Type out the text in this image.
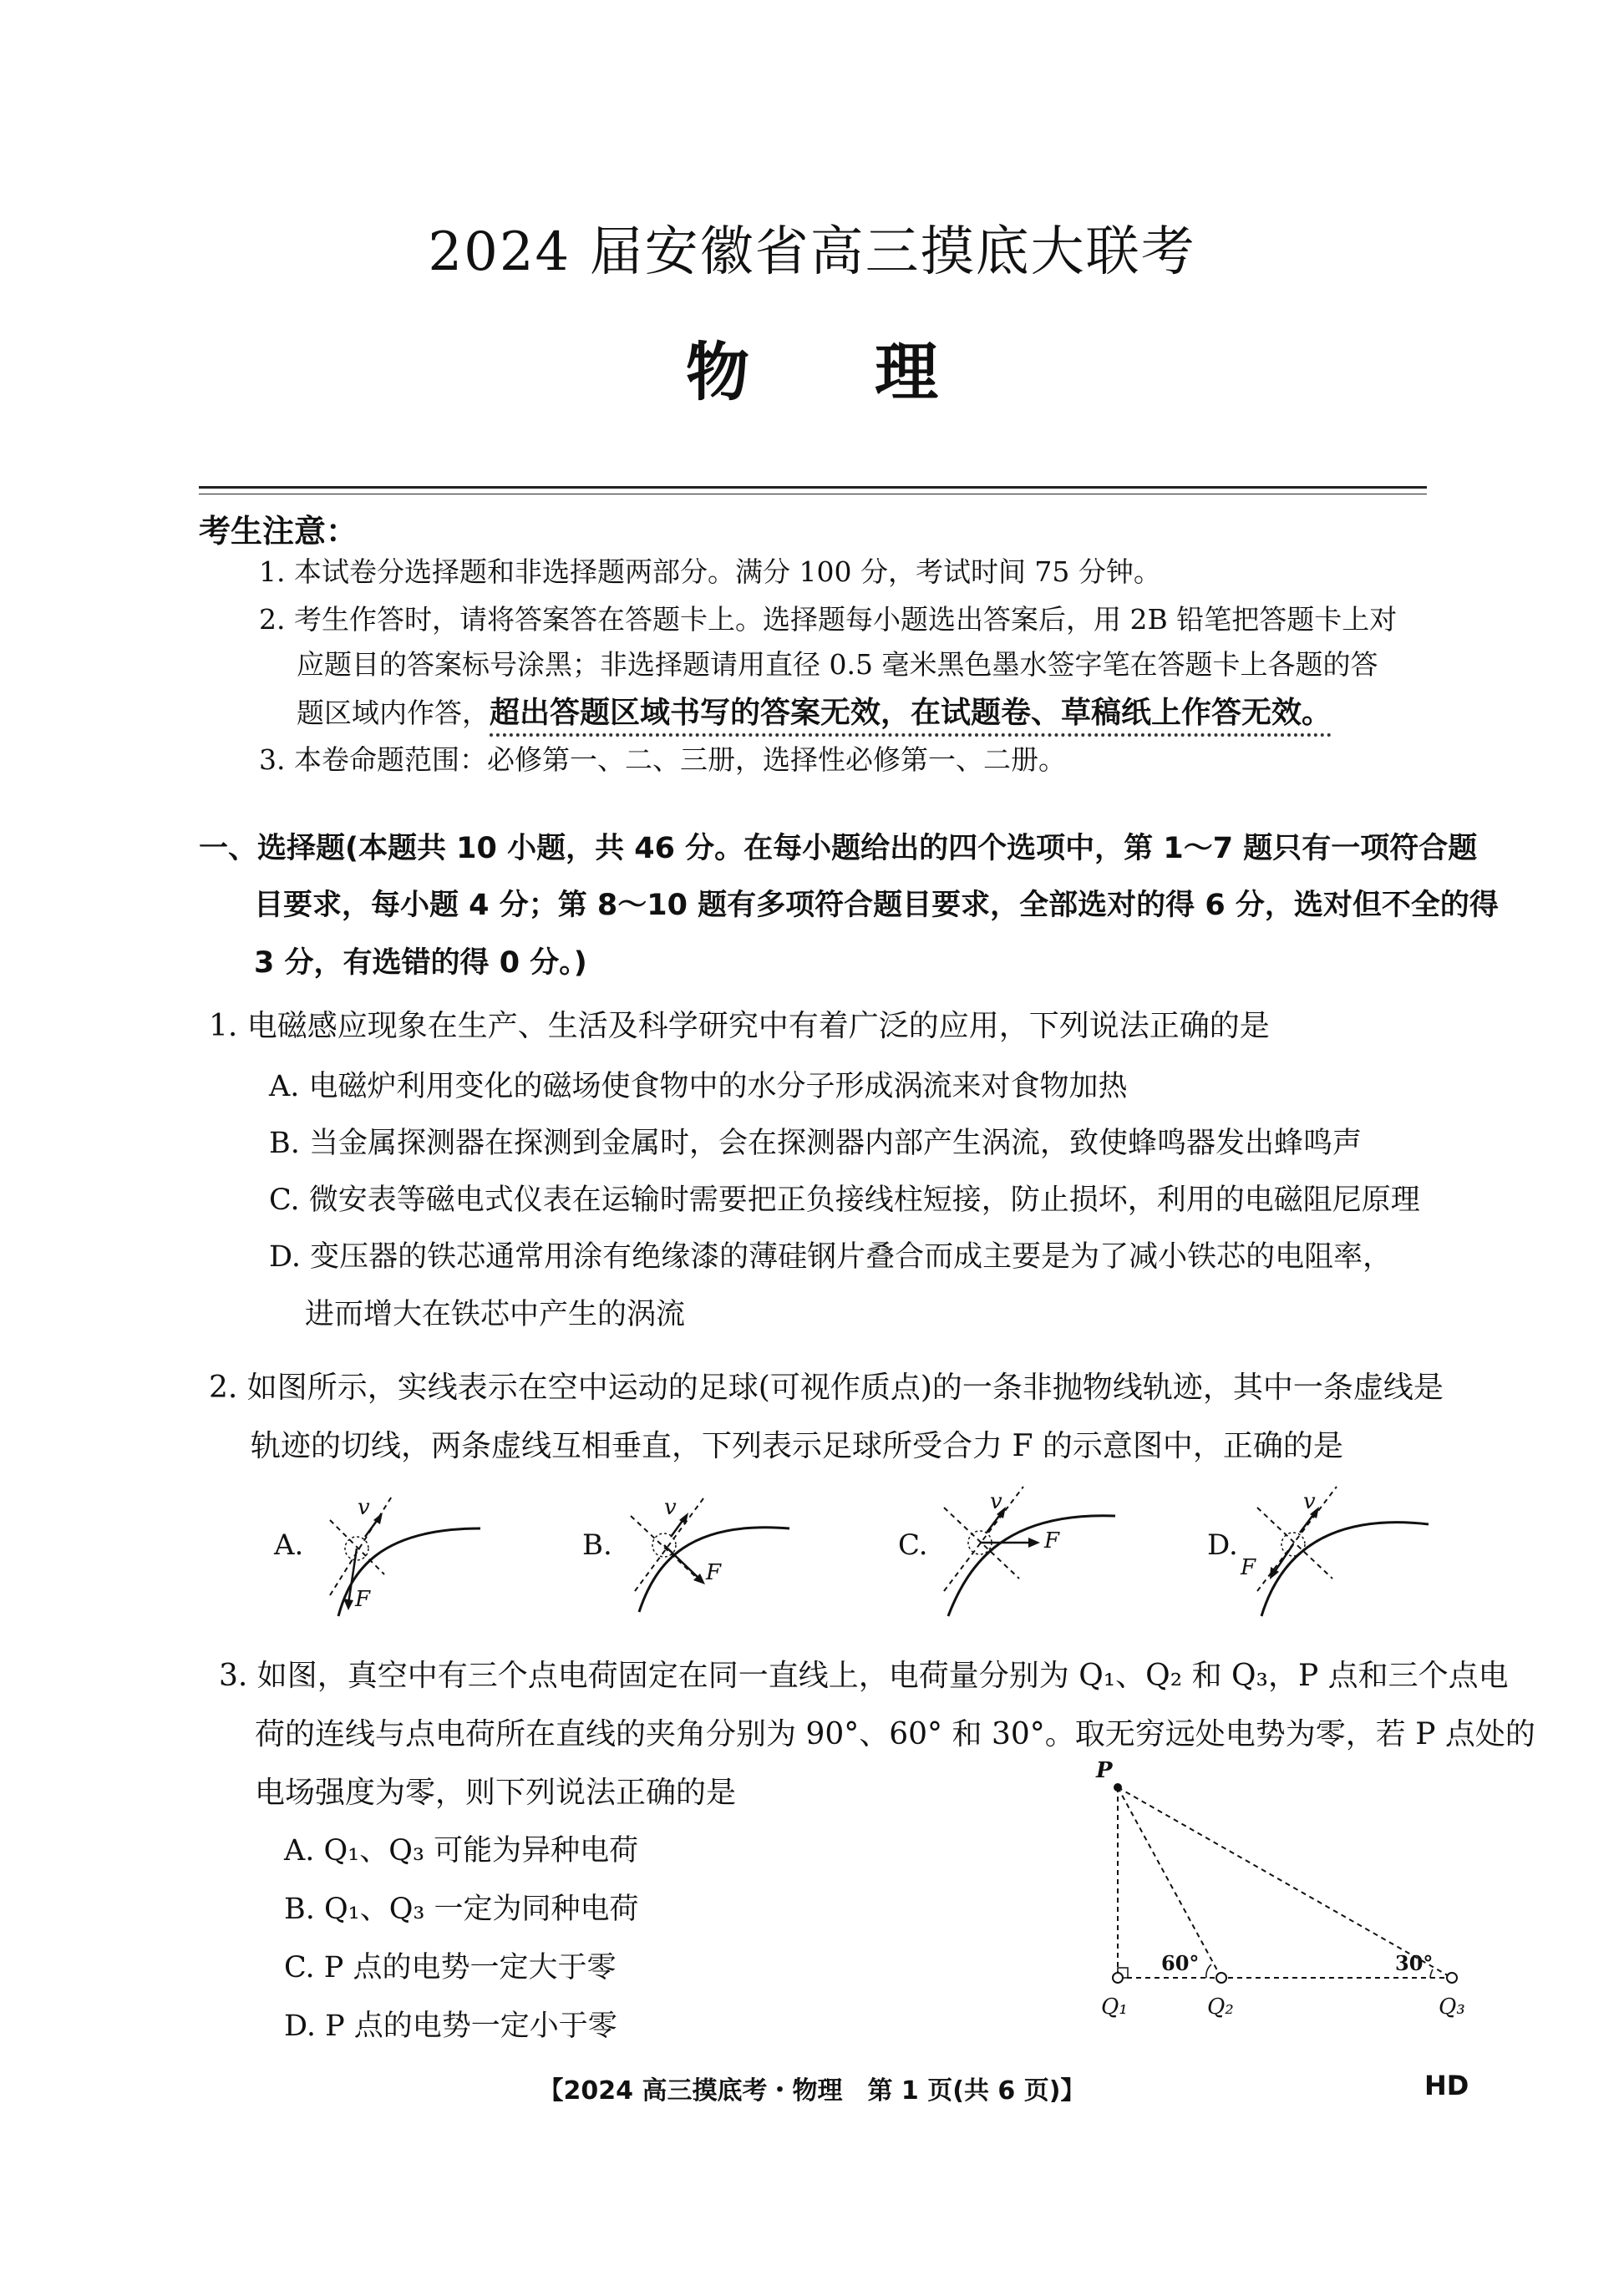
2024 届安徽省高三摸底大联考
物理
考生注意：
1. 本试卷分选择题和非选择题两部分。满分 100 分，考试时间 75 分钟。
2. 考生作答时，请将答案答在答题卡上。选择题每小题选出答案后，用 2B 铅笔把答题卡上对
应题目的答案标号涂黑；非选择题请用直径 0.5 毫米黑色墨水签字笔在答题卡上各题的答
题区域内作答，超出答题区域书写的答案无效，在试题卷、草稿纸上作答无效。
3. 本卷命题范围：必修第一、二、三册，选择性必修第一、二册。
一、选择题(本题共 10 小题，共 46 分。在每小题给出的四个选项中，第 1～7 题只有一项符合题
目要求，每小题 4 分；第 8～10 题有多项符合题目要求，全部选对的得 6 分，选对但不全的得
3 分，有选错的得 0 分。)
1. 电磁感应现象在生产、生活及科学研究中有着广泛的应用，下列说法正确的是
A. 电磁炉利用变化的磁场使食物中的水分子形成涡流来对食物加热
B. 当金属探测器在探测到金属时，会在探测器内部产生涡流，致使蜂鸣器发出蜂鸣声
C. 微安表等磁电式仪表在运输时需要把正负接线柱短接，防止损坏，利用的电磁阻尼原理
D. 变压器的铁芯通常用涂有绝缘漆的薄硅钢片叠合而成主要是为了减小铁芯的电阻率，
进而增大在铁芯中产生的涡流
2. 如图所示，实线表示在空中运动的足球(可视作质点)的一条非抛物线轨迹，其中一条虚线是
轨迹的切线，两条虚线互相垂直，下列表示足球所受合力 F 的示意图中，正确的是
A.
v
F
B.
v
F
C.
v
F	D.
v
F
3. 如图，真空中有三个点电荷固定在同一直线上，电荷量分别为 Q₁、Q₂ 和 Q₃，P 点和三个点电
荷的连线与点电荷所在直线的夹角分别为 90°、60° 和 30°。取无穷远处电势为零，若 P 点处的
电场强度为零，则下列说法正确的是
A. Q₁、Q₃ 可能为异种电荷
B. Q₁、Q₃ 一定为同种电荷
C. P 点的电势一定大于零
D. P 点的电势一定小于零
P
60°	30°
Q₁	Q₂	Q₃
【2024 高三摸底考・物理　第 1 页(共 6 页)】	HD
